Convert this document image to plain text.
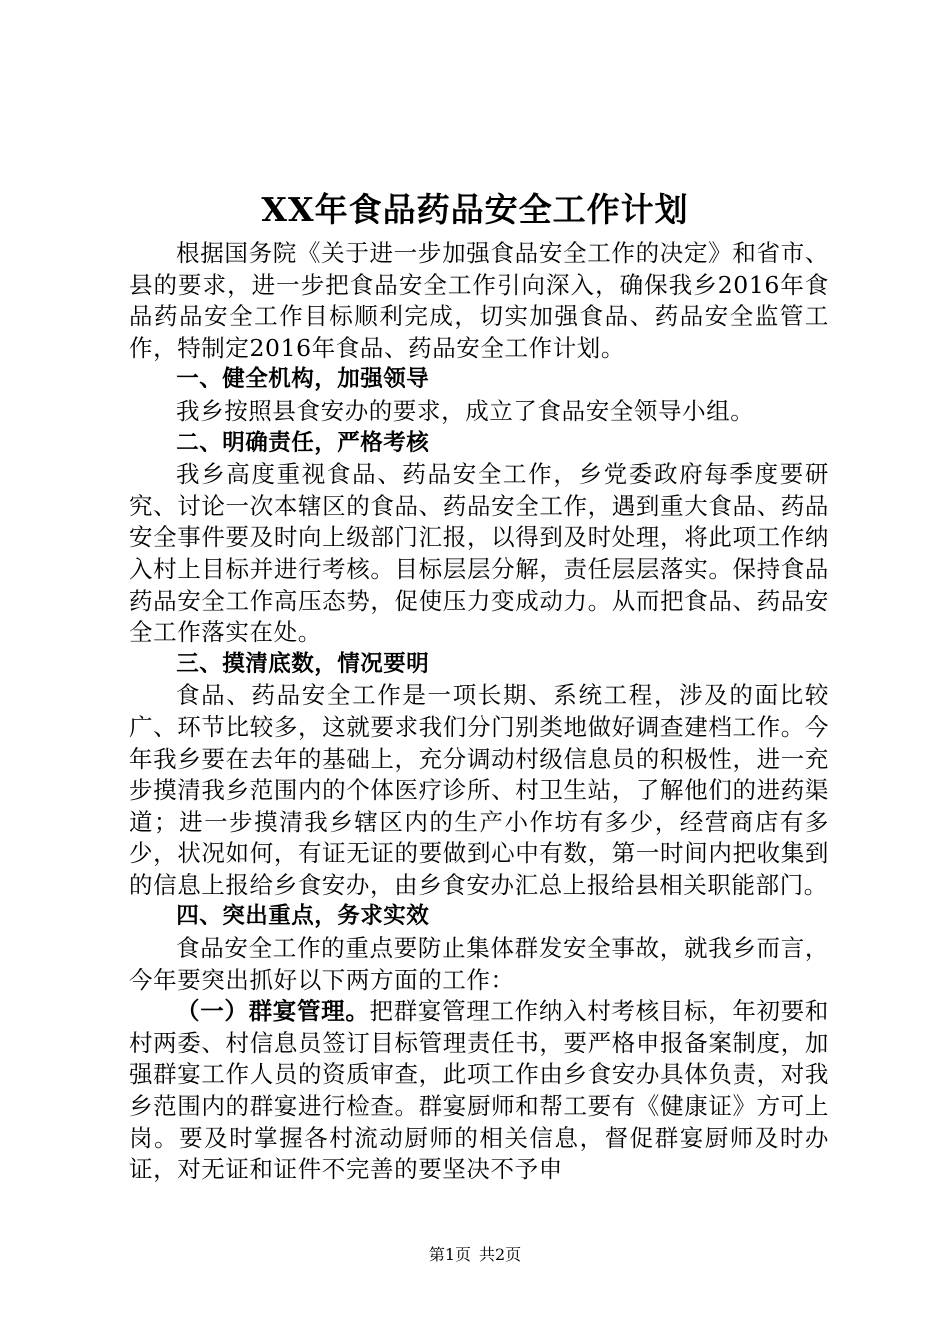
XX年食品药品安全工作计划

根据国务院《关于进一步加强食品安全工作的决定》和省市、县的要求，进一步把食品安全工作引向深入，确保我乡2016年食品药品安全工作目标顺利完成，切实加强食品、药品安全监管工作，特制定2016年食品、药品安全工作计划。

一、健全机构，加强领导

我乡按照县食安办的要求，成立了食品安全领导小组。

二、明确责任，严格考核

我乡高度重视食品、药品安全工作，乡党委政府每季度要研究、讨论一次本辖区的食品、药品安全工作，遇到重大食品、药品安全事件要及时向上级部门汇报，以得到及时处理，将此项工作纳入村上目标并进行考核。目标层层分解，责任层层落实。保持食品药品安全工作高压态势，促使压力变成动力。从而把食品、药品安全工作落实在处。

三、摸清底数，情况要明

食品、药品安全工作是一项长期、系统工程，涉及的面比较广、环节比较多，这就要求我们分门别类地做好调查建档工作。今年我乡要在去年的基础上，充分调动村级信息员的积极性，进一充步摸清我乡范围内的个体医疗诊所、村卫生站，了解他们的进药渠道；进一步摸清我乡辖区内的生产小作坊有多少，经营商店有多少，状况如何，有证无证的要做到心中有数，第一时间内把收集到的信息上报给乡食安办，由乡食安办汇总上报给县相关职能部门。

四、突出重点，务求实效

食品安全工作的重点要防止集体群发安全事故，就我乡而言，今年要突出抓好以下两方面的工作：

（一）群宴管理。把群宴管理工作纳入村考核目标，年初要和村两委、村信息员签订目标管理责任书，要严格申报备案制度，加强群宴工作人员的资质审查，此项工作由乡食安办具体负责，对我乡范围内的群宴进行检查。群宴厨师和帮工要有《健康证》方可上岗。要及时掌握各村流动厨师的相关信息，督促群宴厨师及时办证，对无证和证件不完善的要坚决不予申

第1页 共2页
